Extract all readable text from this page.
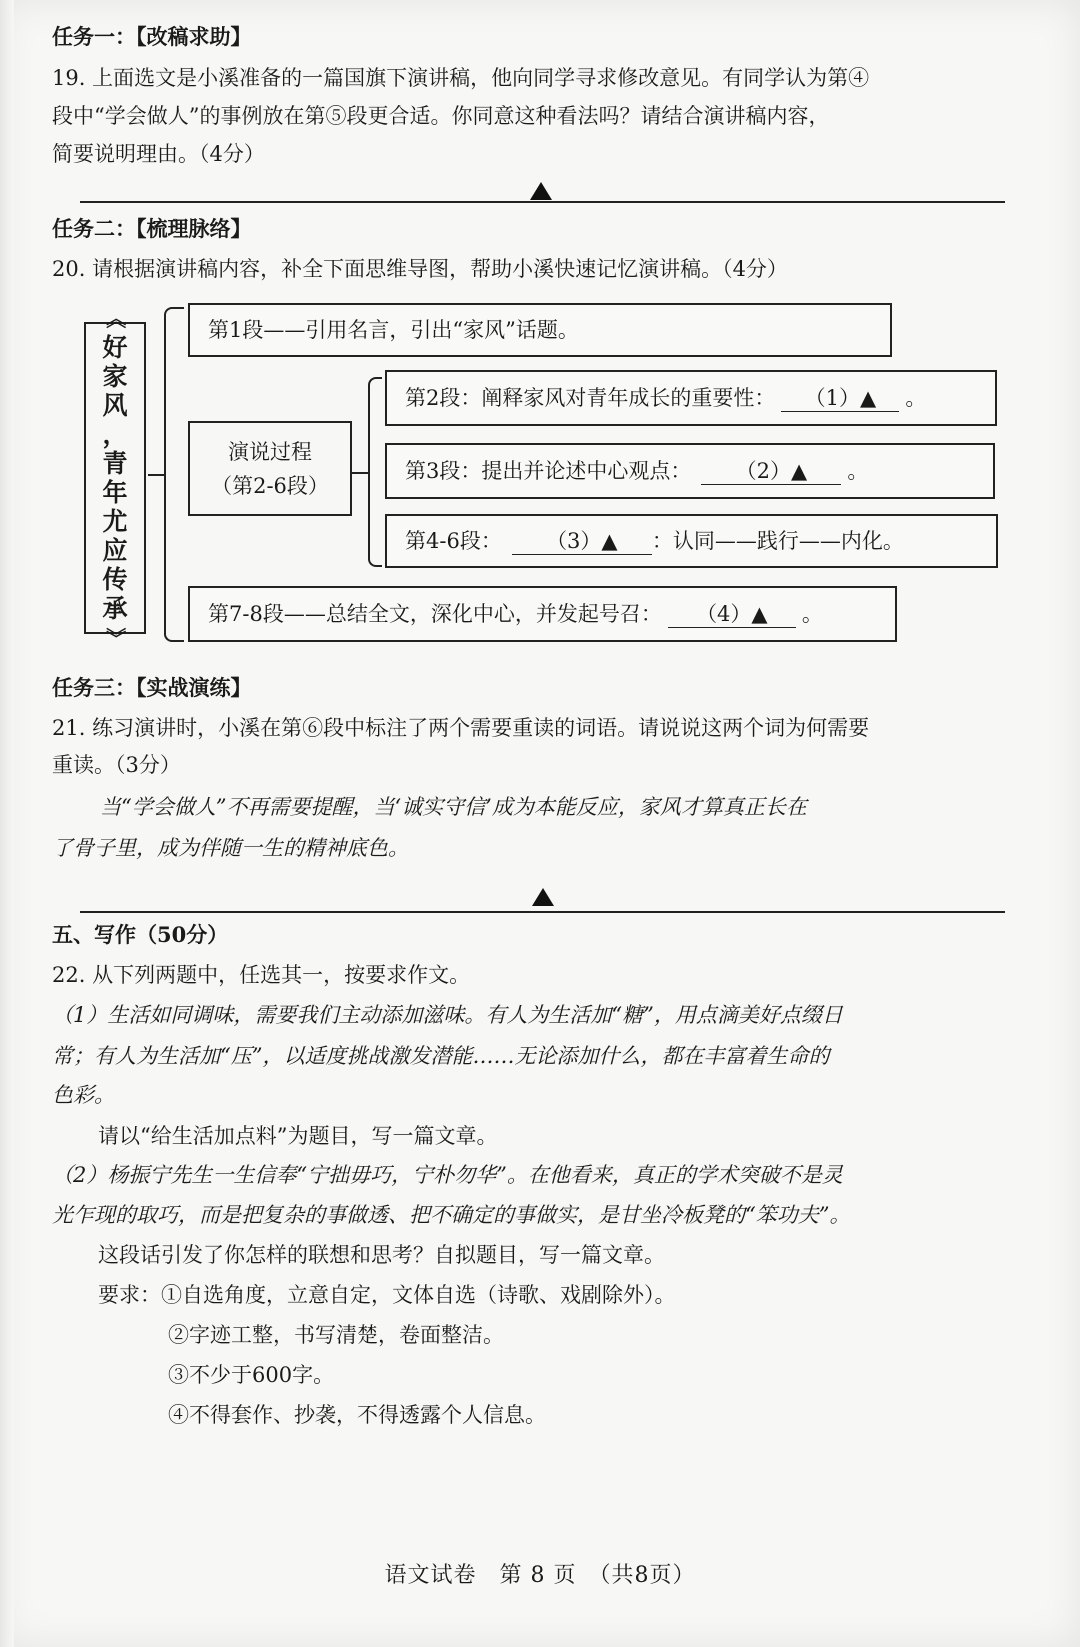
任务一：【改稿求助】
19. 上面选文是小溪准备的一篇国旗下演讲稿，他向同学寻求修改意见。有同学认为第④
段中“学会做人”的事例放在第⑤段更合适。你同意这种看法吗？请结合演讲稿内容，
简要说明理由。（4分）
任务二：【梳理脉络】
20. 请根据演讲稿内容，补全下面思维导图，帮助小溪快速记忆演讲稿。（4分）
《
好
家
风
，
青
年
尤
应
传
承
》
第1段——引用名言，引出“家风”话题。
演说过程
（第2-6段）
第2段：阐释家风对青年成长的重要性：	（1）▲	。
第3段：提出并论述中心观点：	（2）▲	。
第4-6段：	（3）▲	：认同——践行——内化。
第7-8段——总结全文，深化中心，并发起号召：	（4）▲	。
任务三：【实战演练】
21. 练习演讲时，小溪在第⑥段中标注了两个需要重读的词语。请说说这两个词为何需要
重读。（3分）
当“学会做人”不再需要提醒，当‘诚实守信’成为本能反应，家风才算真正长在
了骨子里，成为伴随一生的精神底色。
五、写作（50分）
22. 从下列两题中，任选其一，按要求作文。
（1）生活如同调味，需要我们主动添加滋味。有人为生活加“糖”，用点滴美好点缀日
常；有人为生活加“压”，以适度挑战激发潜能……无论添加什么，都在丰富着生命的
色彩。
请以“给生活加点料”为题目，写一篇文章。
（2）杨振宁先生一生信奉“宁拙毋巧，宁朴勿华”。在他看来，真正的学术突破不是灵
光乍现的取巧，而是把复杂的事做透、把不确定的事做实，是甘坐冷板凳的“笨功夫”。
这段话引发了你怎样的联想和思考？自拟题目，写一篇文章。
要求：①自选角度，立意自定，文体自选（诗歌、戏剧除外）。
②字迹工整，书写清楚，卷面整洁。
③不少于600字。
④不得套作、抄袭，不得透露个人信息。
语文试卷　第 8 页　（共8页）
